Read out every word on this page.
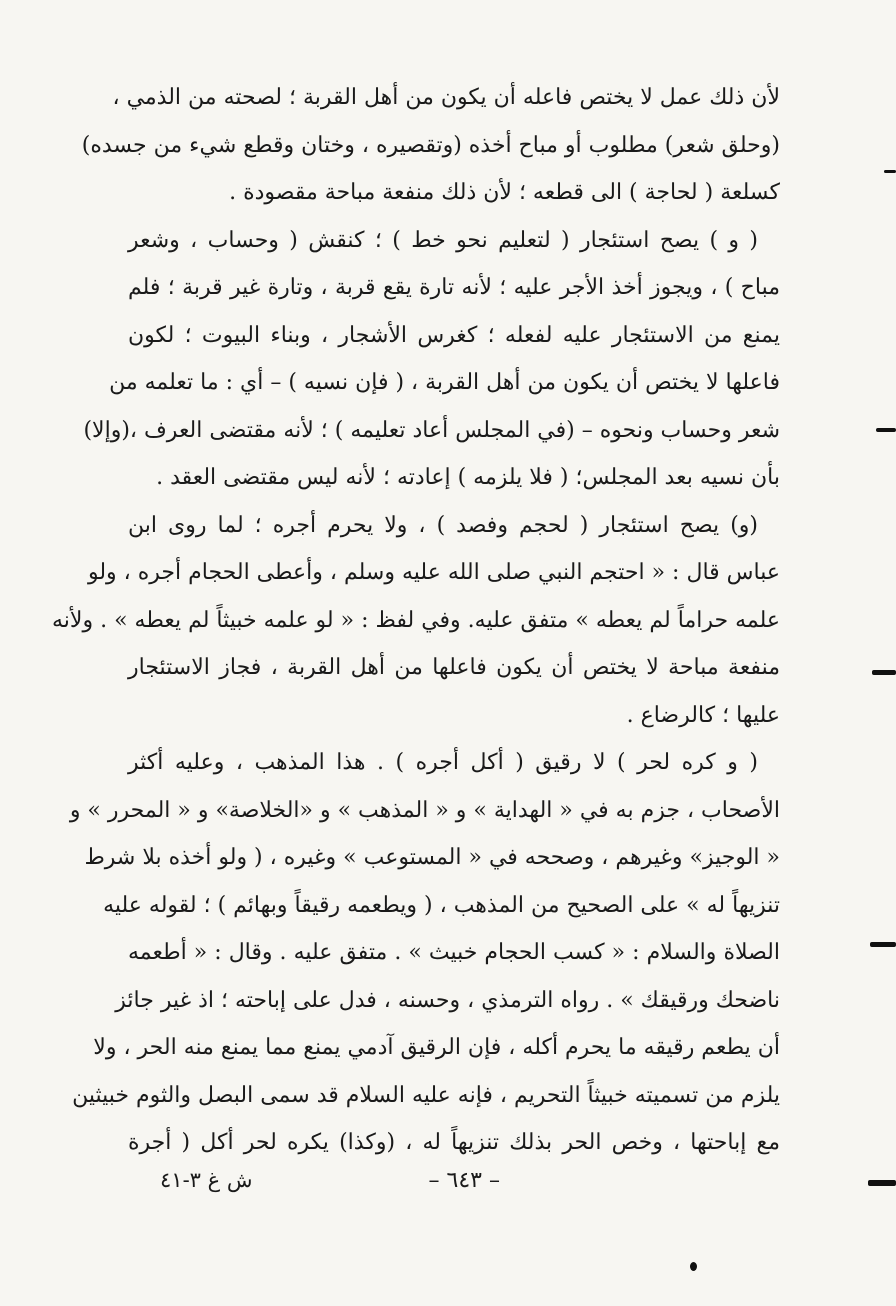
لأن ذلك عمل لا يختص فاعله أن يكون من أهل القربة ؛ لصحته من الذمي ،
(وحلق شعر) مطلوب أو مباح أخذه (وتقصيره ، وختان وقطع شيء من جسده)
كسلعة ( لحاجة ) الى قطعه ؛ لأن ذلك منفعة مباحة مقصودة .
( و ) يصح استئجار ( لتعليم نحو خط ) ؛ كنقش ( وحساب ، وشعر
مباح ) ، ويجوز أخذ الأجر عليه ؛ لأنه تارة يقع قربة ، وتارة غير قربة ؛ فلم
يمنع من الاستئجار عليه لفعله ؛ كغرس الأشجار ، وبناء البيوت ؛ لكون
فاعلها لا يختص أن يكون من أهل القربة ، ( فإن نسيه ) – أي : ما تعلمه من
شعر وحساب ونحوه – (في المجلس أعاد تعليمه ) ؛ لأنه مقتضى العرف ،(وإلا)
بأن نسيه بعد المجلس؛ ( فلا يلزمه ) إعادته ؛ لأنه ليس مقتضى العقد .
(و) يصح استئجار ( لحجم وفصد ) ، ولا يحرم أجره ؛ لما روى ابن
عباس قال : « احتجم النبي صلى الله عليه وسلم ، وأعطى الحجام أجره ، ولو
علمه حراماً لم يعطه » متفق عليه. وفي لفظ : « لو علمه خبيثاً لم يعطه » . ولأنه
منفعة مباحة لا يختص أن يكون فاعلها من أهل القربة ، فجاز الاستئجار
عليها ؛ كالرضاع .
( و كره لحر ) لا رقيق ( أكل أجره ) . هذا المذهب ، وعليه أكثر
الأصحاب ، جزم به في « الهداية » و « المذهب » و «الخلاصة» و « المحرر » و
« الوجيز» وغيرهم ، وصححه في « المستوعب » وغيره ، ( ولو أخذه بلا شرط
تنزيهاً له » على الصحيح من المذهب ، ( ويطعمه رقيقاً وبهائم ) ؛ لقوله عليه
الصلاة والسلام : « كسب الحجام خبيث » . متفق عليه . وقال : « أطعمه
ناضحك ورقيقك » . رواه الترمذي ، وحسنه ، فدل على إباحته ؛ اذ غير جائز
أن يطعم رقيقه ما يحرم أكله ، فإن الرقيق آدمي يمنع مما يمنع منه الحر ، ولا
يلزم من تسميته خبيثاً التحريم ، فإنه عليه السلام قد سمى البصل والثوم خبيثين
مع إباحتها ، وخص الحر بذلك تنزيهاً له ، (وكذا) يكره لحر أكل ( أجرة
– ٦٤٣ –
ش غ ٣-٤١
